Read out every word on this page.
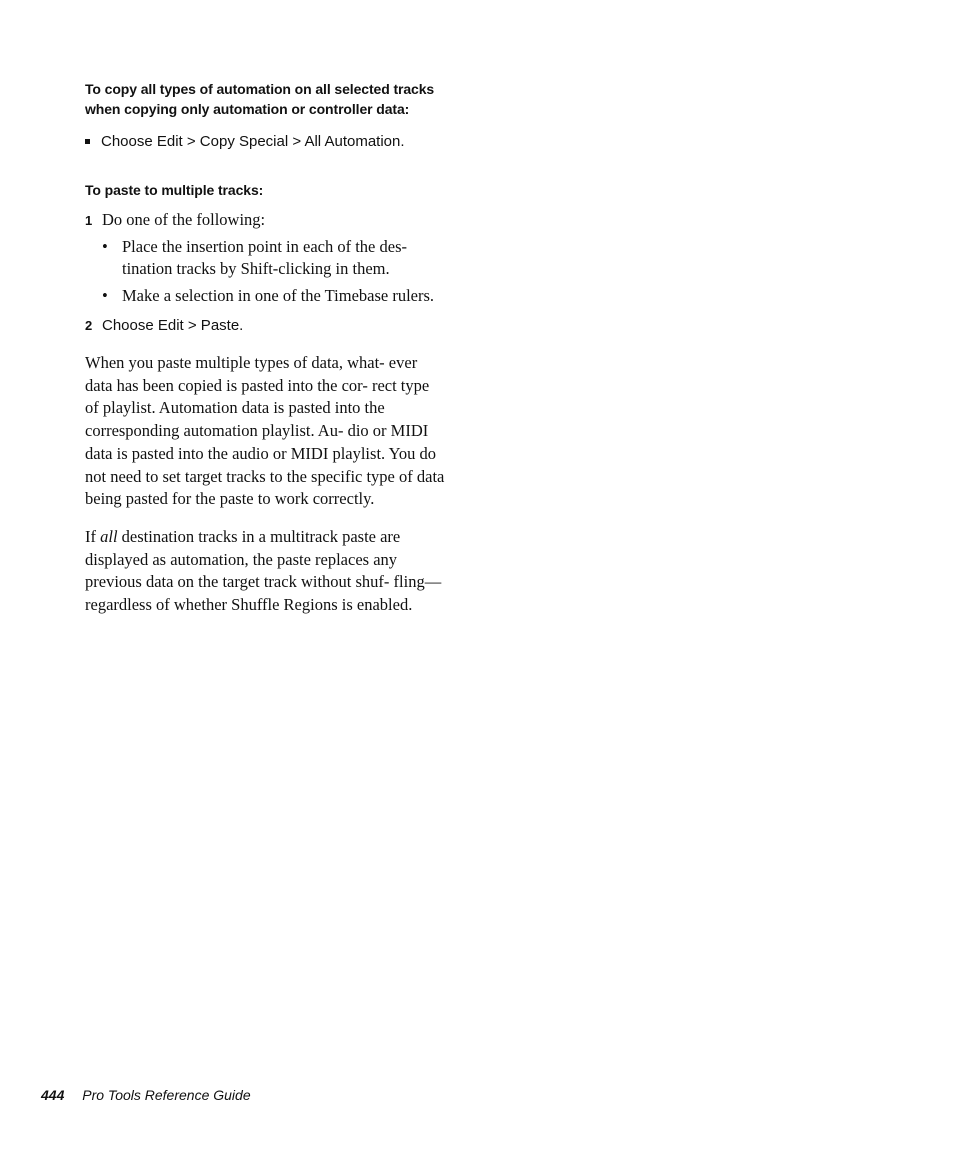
To copy all types of automation on all selected tracks when copying only automation or controller data:

Choose Edit > Copy Special > All Automation.

To paste to multiple tracks:

1 Do one of the following:
• Place the insertion point in each of the des- tination tracks by Shift-clicking in them.
• Make a selection in one of the Timebase rulers.
2 Choose Edit > Paste.

When you paste multiple types of data, what- ever data has been copied is pasted into the cor- rect type of playlist. Automation data is pasted into the corresponding automation playlist. Au- dio or MIDI data is pasted into the audio or MIDI playlist. You do not need to set target tracks to the specific type of data being pasted for the paste to work correctly.

If all destination tracks in a multitrack paste are displayed as automation, the paste replaces any previous data on the target track without shuf- fling—regardless of whether Shuffle Regions is enabled.

444 Pro Tools Reference Guide
